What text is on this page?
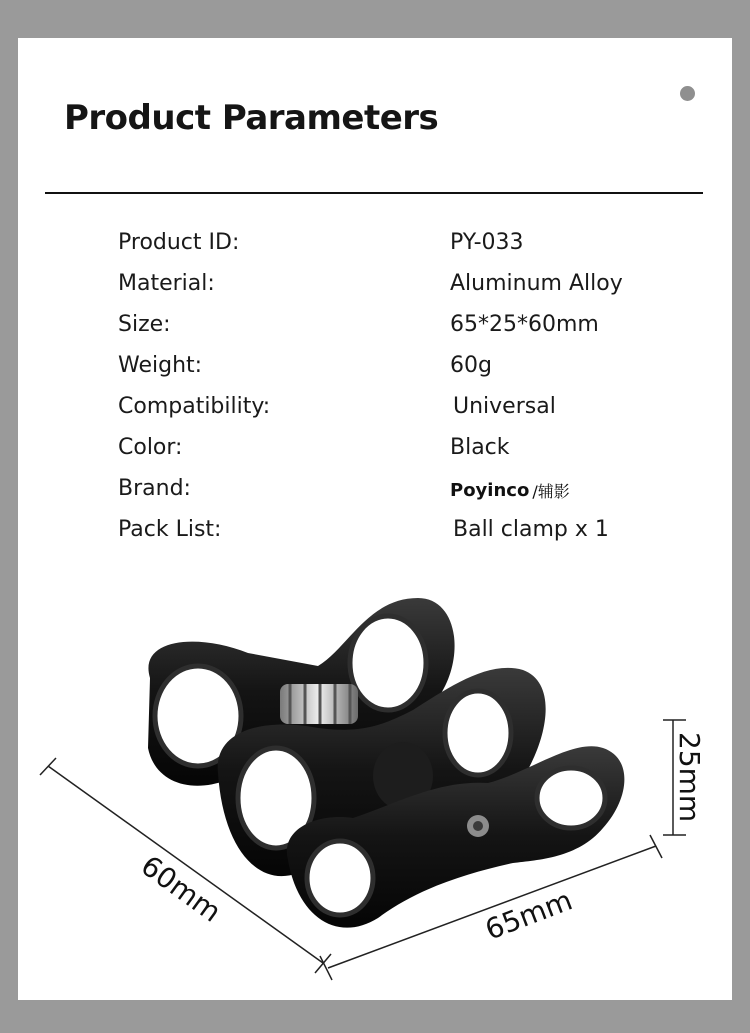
Product Parameters
Product ID:	PY-033
Material:	Aluminum Alloy
Size:	65*25*60mm
Weight:	60g
Compatibility:	Universal
Color:	Black
Brand:	Poyinco /辅影
Pack List:	Ball clamp x 1
60mm	65mm
25mm
